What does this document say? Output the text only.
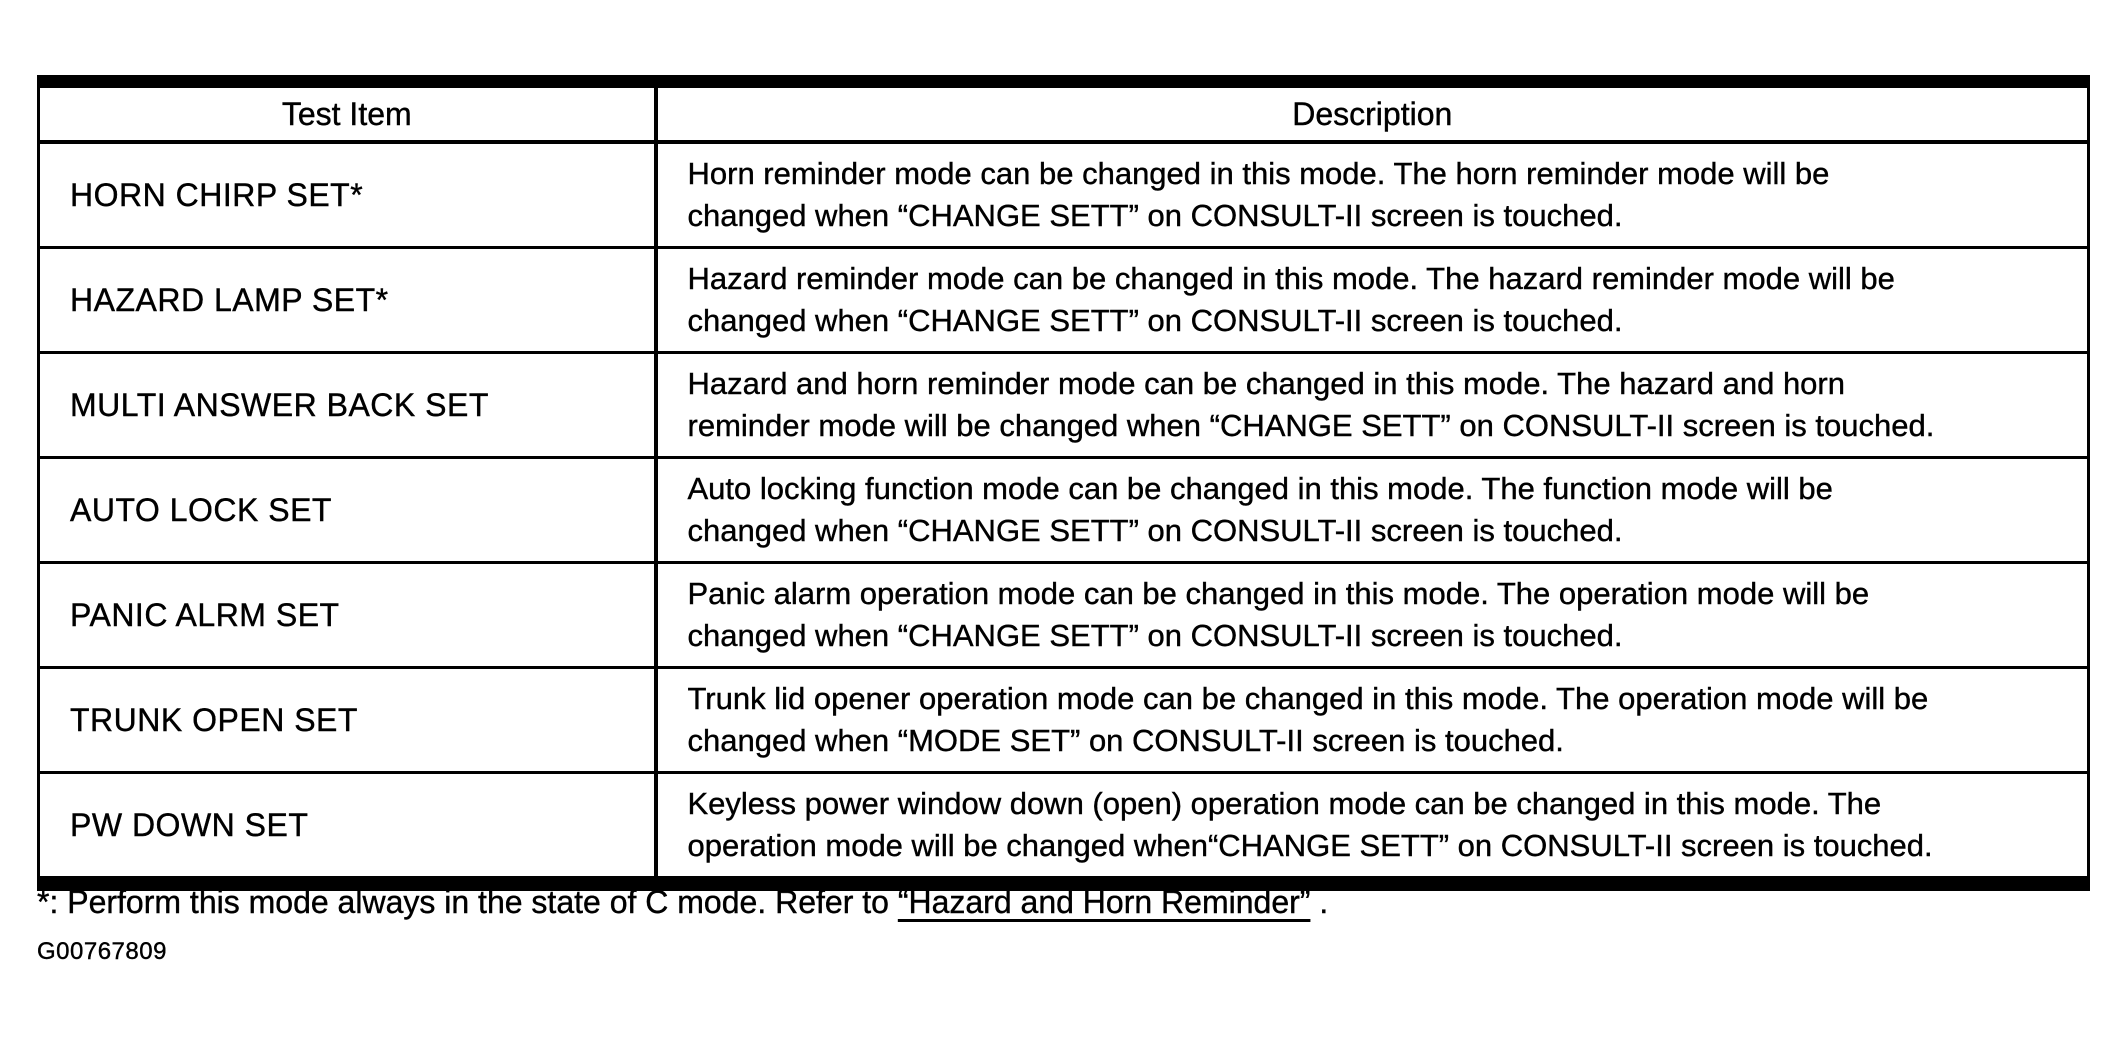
Test Item	Description
HORN CHIRP SET*	Horn reminder mode can be changed in this mode. The horn reminder mode will be
changed when “CHANGE SETT” on CONSULT-II screen is touched.

HAZARD LAMP SET*	Hazard reminder mode can be changed in this mode. The hazard reminder mode will be
changed when “CHANGE SETT” on CONSULT-II screen is touched.

MULTI ANSWER BACK SET	Hazard and horn reminder mode can be changed in this mode. The hazard and horn
reminder mode will be changed when “CHANGE SETT” on CONSULT-II screen is touched.

AUTO LOCK SET	Auto locking function mode can be changed in this mode. The function mode will be
changed when “CHANGE SETT” on CONSULT-II screen is touched.

PANIC ALRM SET	Panic alarm operation mode can be changed in this mode. The operation mode will be
changed when “CHANGE SETT” on CONSULT-II screen is touched.

TRUNK OPEN SET	Trunk lid opener operation mode can be changed in this mode. The operation mode will be
changed when “MODE SET” on CONSULT-II screen is touched.

PW DOWN SET	Keyless power window down (open) operation mode can be changed in this mode. The
operation mode will be changed when“CHANGE SETT” on CONSULT-II screen is touched.
*: Perform this mode always in the state of C mode. Refer to “Hazard and Horn Reminder” .
G00767809
